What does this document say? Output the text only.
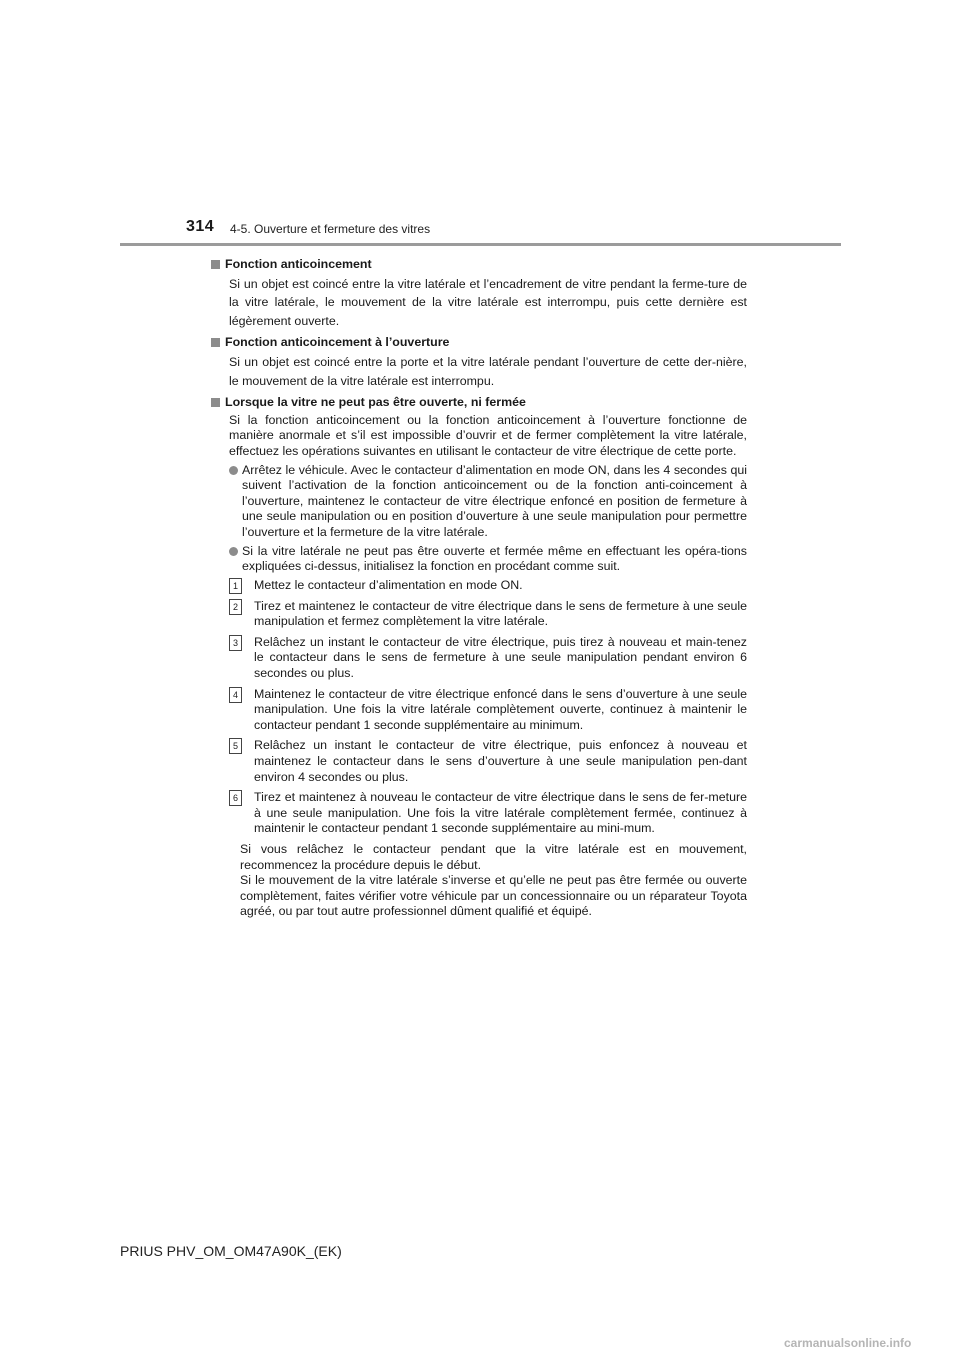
314 4-5. Ouverture et fermeture des vitres
Fonction anticoincement
Si un objet est coincé entre la vitre latérale et l’encadrement de vitre pendant la ferme-ture de la vitre latérale, le mouvement de la vitre latérale est interrompu, puis cette dernière est légèrement ouverte.
Fonction anticoincement à l’ouverture
Si un objet est coincé entre la porte et la vitre latérale pendant l’ouverture de cette der-nière, le mouvement de la vitre latérale est interrompu.
Lorsque la vitre ne peut pas être ouverte, ni fermée
Si la fonction anticoincement ou la fonction anticoincement à l’ouverture fonctionne de manière anormale et s’il est impossible d’ouvrir et de fermer complètement la vitre latérale, effectuez les opérations suivantes en utilisant le contacteur de vitre électrique de cette porte.
Arrêtez le véhicule. Avec le contacteur d’alimentation en mode ON, dans les 4 secondes qui suivent l’activation de la fonction anticoincement ou de la fonction anti-coincement à l’ouverture, maintenez le contacteur de vitre électrique enfoncé en position de fermeture à une seule manipulation ou en position d’ouverture à une seule manipulation pour permettre l’ouverture et la fermeture de la vitre latérale.
Si la vitre latérale ne peut pas être ouverte et fermée même en effectuant les opéra-tions expliquées ci-dessus, initialisez la fonction en procédant comme suit.
1	Mettez le contacteur d’alimentation en mode ON.
2	Tirez et maintenez le contacteur de vitre électrique dans le sens de fermeture à une seule manipulation et fermez complètement la vitre latérale.
3	Relâchez un instant le contacteur de vitre électrique, puis tirez à nouveau et main-tenez le contacteur dans le sens de fermeture à une seule manipulation pendant environ 6 secondes ou plus.
4	Maintenez le contacteur de vitre électrique enfoncé dans le sens d’ouverture à une seule manipulation. Une fois la vitre latérale complètement ouverte, continuez à maintenir le contacteur pendant 1 seconde supplémentaire au minimum.
5	Relâchez un instant le contacteur de vitre électrique, puis enfoncez à nouveau et maintenez le contacteur dans le sens d’ouverture à une seule manipulation pen-dant environ 4 secondes ou plus.
6	Tirez et maintenez à nouveau le contacteur de vitre électrique dans le sens de fer-meture à une seule manipulation. Une fois la vitre latérale complètement fermée, continuez à maintenir le contacteur pendant 1 seconde supplémentaire au mini-mum.
Si vous relâchez le contacteur pendant que la vitre latérale est en mouvement, recommencez la procédure depuis le début.
Si le mouvement de la vitre latérale s’inverse et qu’elle ne peut pas être fermée ou ouverte complètement, faites vérifier votre véhicule par un concessionnaire ou un réparateur Toyota agréé, ou par tout autre professionnel dûment qualifié et équipé.
PRIUS PHV_OM_OM47A90K_(EK)
carmanualsonline.info
